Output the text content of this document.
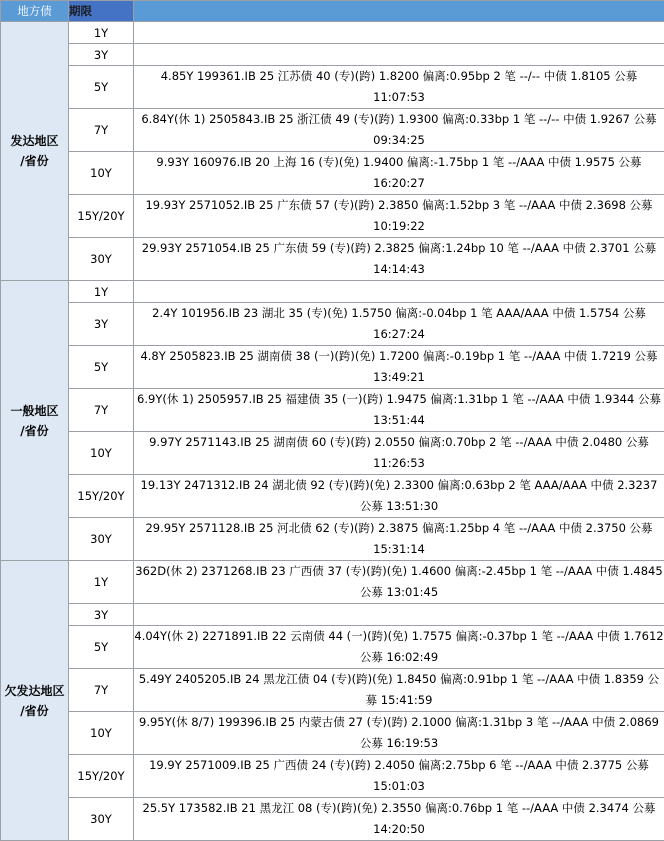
地方债	期限	
发达地区
/省份	1Y	
	3Y	
	5Y	4.85Y 199361.IB 25 江苏债 40 (专)(跨) 1.8200 偏离:0.95bp 2 笔 --/-- 中债 1.8105 公募 11:07:53
	7Y	6.84Y(休 1) 2505843.IB 25 浙江债 49 (专)(跨) 1.9300 偏离:0.33bp 1 笔 --/-- 中债 1.9267 公募 09:34:25
	10Y	9.93Y 160976.IB 20 上海 16 (专)(免) 1.9400 偏离:-1.75bp 1 笔 --/AAA 中债 1.9575 公募 16:20:27
	15Y/20Y	19.93Y 2571052.IB 25 广东债 57 (专)(跨) 2.3850 偏离:1.52bp 3 笔 --/AAA 中债 2.3698 公募 10:19:22
	30Y	29.93Y 2571054.IB 25 广东债 59 (专)(跨) 2.3825 偏离:1.24bp 10 笔 --/AAA 中债 2.3701 公募 14:14:43
一般地区
/省份	1Y	
	3Y	2.4Y 101956.IB 23 湖北 35 (专)(免) 1.5750 偏离:-0.04bp 1 笔 AAA/AAA 中债 1.5754 公募 16:27:24
	5Y	4.8Y 2505823.IB 25 湖南债 38 (一)(跨)(免) 1.7200 偏离:-0.19bp 1 笔 --/AAA 中债 1.7219 公募 13:49:21
	7Y	6.9Y(休 1) 2505957.IB 25 福建债 35 (一)(跨) 1.9475 偏离:1.31bp 1 笔 --/AAA 中债 1.9344 公募 13:51:44
	10Y	9.97Y 2571143.IB 25 湖南债 60 (专)(跨) 2.0550 偏离:0.70bp 2 笔 --/AAA 中债 2.0480 公募 11:26:53
	15Y/20Y	19.13Y 2471312.IB 24 湖北债 92 (专)(跨)(免) 2.3300 偏离:0.63bp 2 笔 AAA/AAA 中债 2.3237 公募 13:51:30
	30Y	29.95Y 2571128.IB 25 河北债 62 (专)(跨) 2.3875 偏离:1.25bp 4 笔 --/AAA 中债 2.3750 公募 15:31:14
欠发达地区
/省份	1Y	362D(休 2) 2371268.IB 23 广西债 37 (专)(跨)(免) 1.4600 偏离:-2.45bp 1 笔 --/AAA 中债 1.4845 公募 13:01:45
	3Y	
	5Y	4.04Y(休 2) 2271891.IB 22 云南债 44 (一)(跨)(免) 1.7575 偏离:-0.37bp 1 笔 --/AAA 中债 1.7612 公募 16:02:49
	7Y	5.49Y 2405205.IB 24 黑龙江债 04 (专)(跨)(免) 1.8450 偏离:0.91bp 1 笔 --/AAA 中债 1.8359 公募 15:41:59
	10Y	9.95Y(休 8/7) 199396.IB 25 内蒙古债 27 (专)(跨) 2.1000 偏离:1.31bp 3 笔 --/AAA 中债 2.0869 公募 16:19:53
	15Y/20Y	19.9Y 2571009.IB 25 广西债 24 (专)(跨) 2.4050 偏离:2.75bp 6 笔 --/AAA 中债 2.3775 公募 15:01:03
	30Y	25.5Y 173582.IB 21 黑龙江 08 (专)(跨)(免) 2.3550 偏离:0.76bp 1 笔 --/AAA 中债 2.3474 公募 14:20:50
